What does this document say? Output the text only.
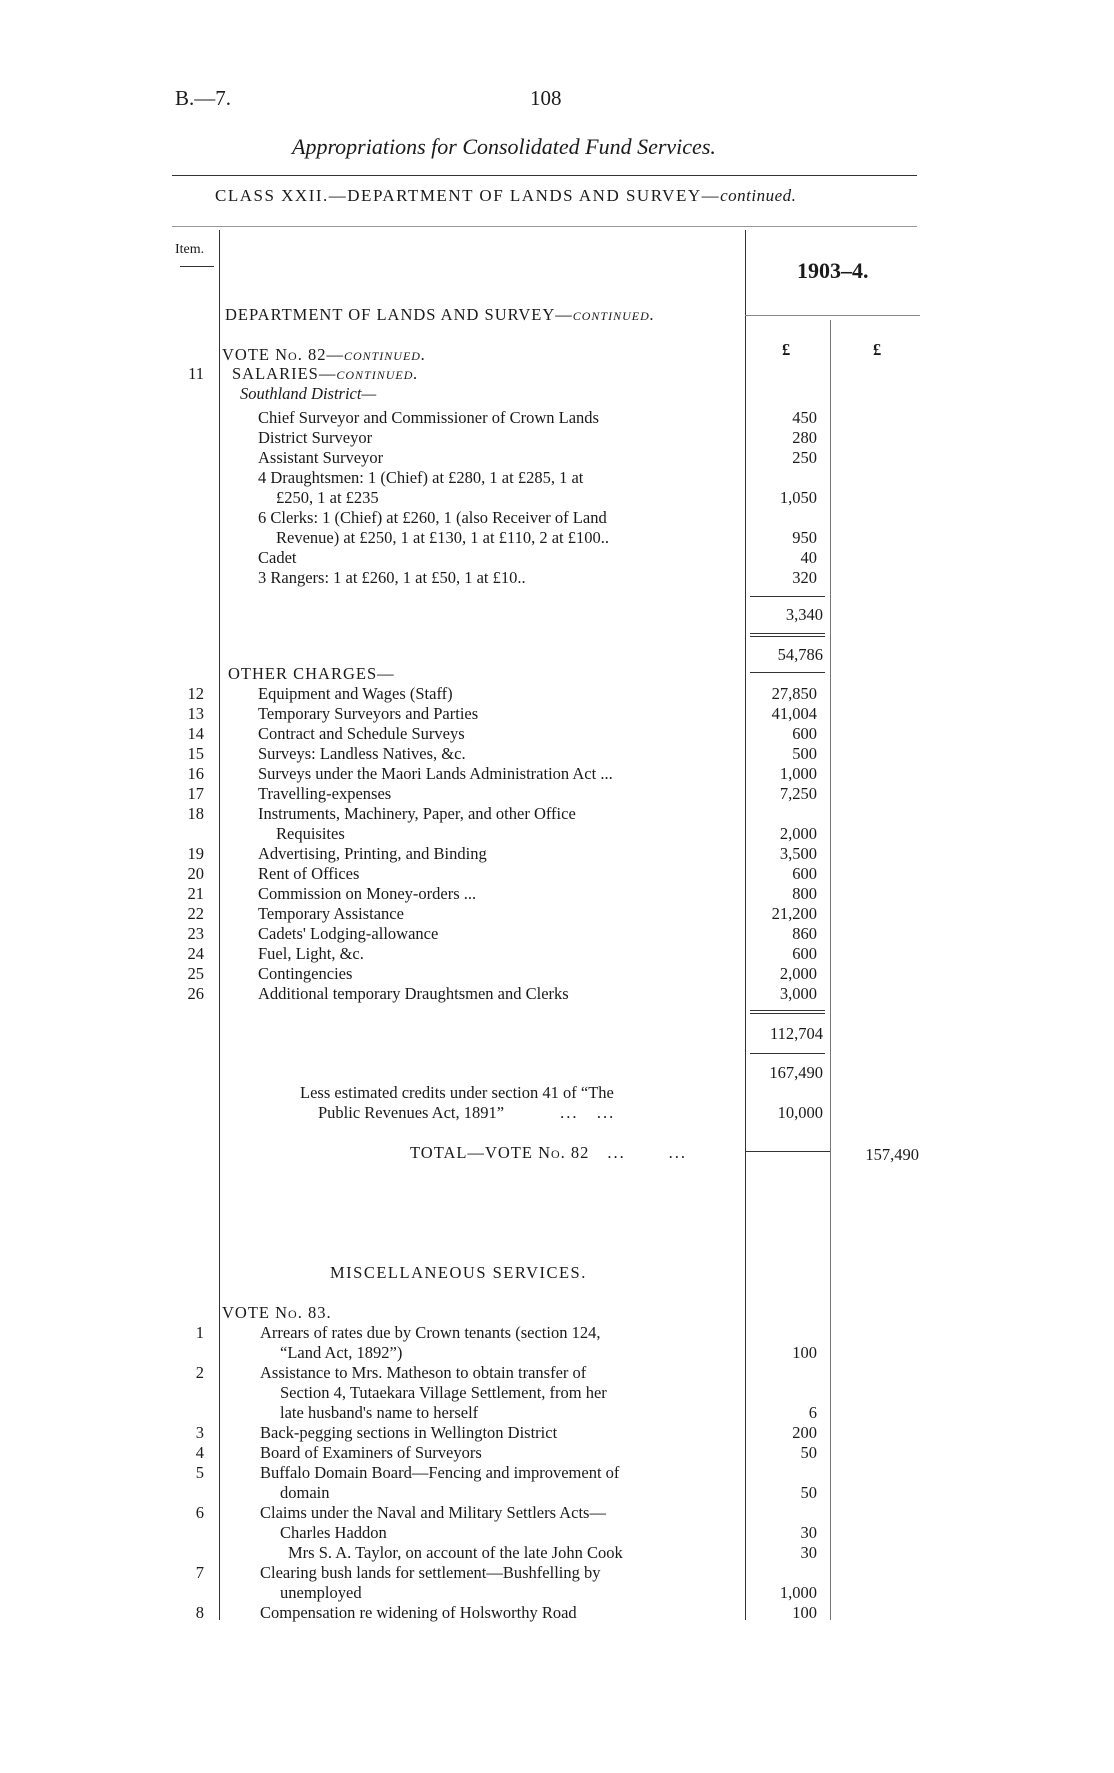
B.—7.	108
Appropriations for Consolidated Fund Services.
CLASS XXII.—DEPARTMENT OF LANDS AND SURVEY—continued.
Item.
1903–4.
DEPARTMENT OF LANDS AND SURVEY—continued.
£	£
VOTE No. 82—continued.
11 SALARIES—continued.
Southland District—
Chief Surveyor and Commissioner of Crown Lands	450
District Surveyor	280
Assistant Surveyor	250
4 Draughtsmen: 1 (Chief) at £280, 1 at £285, 1 at
£250, 1 at £235	1,050
6 Clerks: 1 (Chief) at £260, 1 (also Receiver of Land
Revenue) at £250, 1 at £130, 1 at £110, 2 at £100..	950
Cadet	40
3 Rangers: 1 at £260, 1 at £50, 1 at £10..	320
3,340
54,786
OTHER CHARGES—
12	Equipment and Wages (Staff)	27,850
13	Temporary Surveyors and Parties	41,004
14	Contract and Schedule Surveys	600
15	Surveys: Landless Natives, &c.	500
16	Surveys under the Maori Lands Administration Act ...	1,000
17	Travelling-expenses	7,250
18	Instruments, Machinery, Paper, and other Office
Requisites	2,000
19	Advertising, Printing, and Binding	3,500
20	Rent of Offices	600
21	Commission on Money-orders ...	800
22	Temporary Assistance	21,200
23	Cadets' Lodging-allowance	860
24	Fuel, Light, &c.	600
25	Contingencies	2,000
26	Additional temporary Draughtsmen and Clerks	3,000
112,704
167,490
Less estimated credits under section 41 of “The
Public Revenues Act, 1891”	...   ...	10,000
TOTAL—VOTE No. 82 ...       ...	157,490
MISCELLANEOUS SERVICES.
VOTE No. 83.
1	Arrears of rates due by Crown tenants (section 124,
“Land Act, 1892”)	100
2	Assistance to Mrs. Matheson to obtain transfer of
Section 4, Tutaekara Village Settlement, from her
late husband's name to herself	6
3	Back-pegging sections in Wellington District	200
4	Board of Examiners of Surveyors	50
5	Buffalo Domain Board—Fencing and improvement of
domain	50
6	Claims under the Naval and Military Settlers Acts—
Charles Haddon	30
Mrs S. A. Taylor, on account of the late John Cook	30
7	Clearing bush lands for settlement—Bushfelling by
unemployed	1,000
8	Compensation re widening of Holsworthy Road	100
